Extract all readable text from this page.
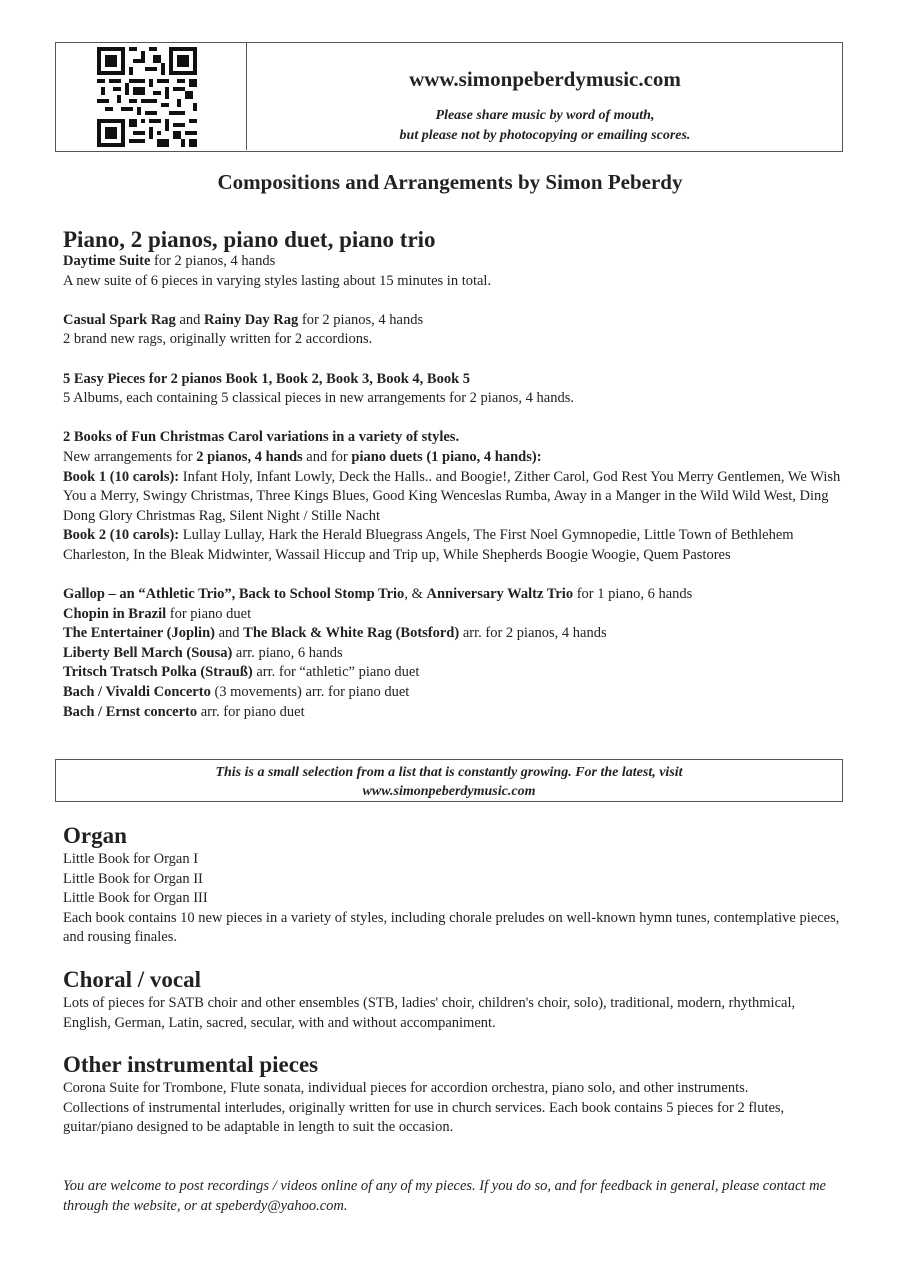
www.simonpeberdymusic.com
Please share music by word of mouth,
but please not by photocopying or emailing scores.
Compositions and Arrangements by Simon Peberdy
Piano, 2 pianos, piano duet, piano trio

Daytime Suite for 2 pianos, 4 hands

A new suite of 6 pieces in varying styles lasting about 15 minutes in total.

Casual Spark Rag and Rainy Day Rag for 2 pianos, 4 hands

2 brand new rags, originally written for 2 accordions.

5 Easy Pieces for 2 pianos Book 1, Book 2, Book 3, Book 4, Book 5

5 Albums, each containing 5 classical pieces in new arrangements for 2 pianos, 4 hands.

2 Books of Fun Christmas Carol variations in a variety of styles.

New arrangements for 2 pianos, 4 hands and for piano duets (1 piano, 4 hands):

Book 1 (10 carols): Infant Holy, Infant Lowly, Deck the Halls.. and Boogie!, Zither Carol, God Rest You Merry Gentlemen, We Wish You a Merry, Swingy Christmas, Three Kings Blues, Good King Wenceslas Rumba, Away in a Manger in the Wild Wild West, Ding Dong Glory Christmas Rag, Silent Night / Stille Nacht

Book 2 (10 carols): Lullay Lullay, Hark the Herald Bluegrass Angels, The First Noel Gymnopedie, Little Town of Bethlehem Charleston, In the Bleak Midwinter, Wassail Hiccup and Trip up, While Shepherds Boogie Woogie, Quem Pastores

Gallop – an “Athletic Trio”, Back to School Stomp Trio, & Anniversary Waltz Trio for 1 piano, 6 hands

Chopin in Brazil for piano duet

The Entertainer (Joplin) and The Black & White Rag (Botsford) arr. for 2 pianos, 4 hands

Liberty Bell March (Sousa) arr. piano, 6 hands

Tritsch Tratsch Polka (Strauß) arr. for “athletic” piano duet

Bach / Vivaldi Concerto (3 movements) arr. for piano duet

Bach / Ernst concerto arr. for piano duet

This is a small selection from a list that is constantly growing. For the latest, visit
www.simonpeberdymusic.com
Organ

Little Book for Organ I

Little Book for Organ II

Little Book for Organ III

Each book contains 10 new pieces in a variety of styles, including chorale preludes on well-known hymn tunes, contemplative pieces, and rousing finales.

Choral / vocal

Lots of pieces for SATB choir and other ensembles (STB, ladies' choir, children's choir, solo), traditional, modern, rhythmical, English, German, Latin, sacred, secular, with and without accompaniment.

Other instrumental pieces

Corona Suite for Trombone, Flute sonata, individual pieces for accordion orchestra, piano solo, and other instruments.

Collections of instrumental interludes, originally written for use in church services. Each book contains 5 pieces for 2 flutes, guitar/piano designed to be adaptable in length to suit the occasion.

You are welcome to post recordings / videos online of any of my pieces. If you do so, and for feedback in general, please contact me through the website, or at speberdy@yahoo.com.
